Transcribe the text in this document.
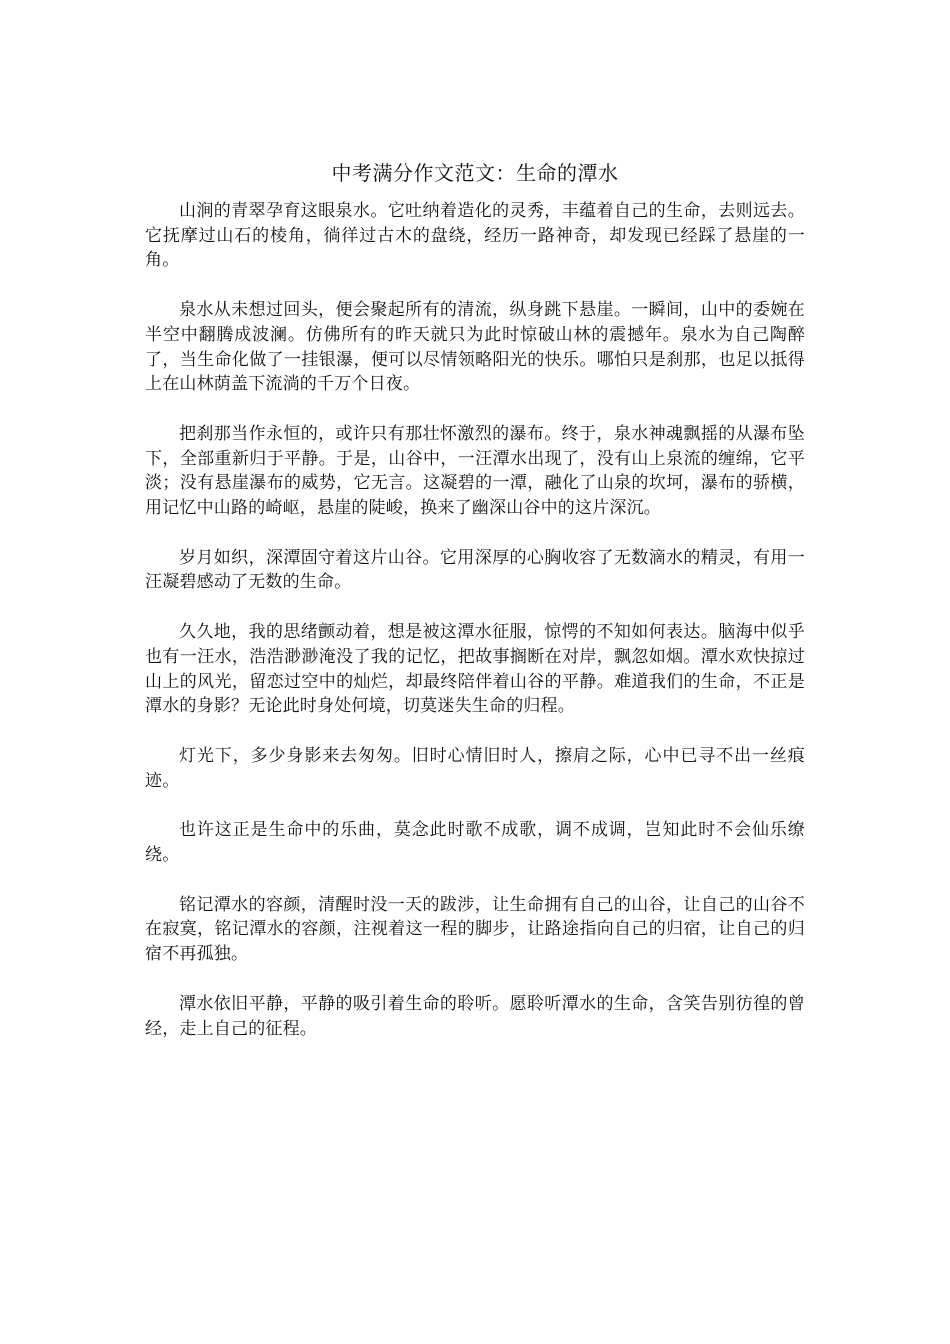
中考满分作文范文：生命的潭水

山涧的青翠孕育这眼泉水。它吐纳着造化的灵秀，丰蕴着自己的生命，去则远去。它抚摩过山石的棱角，徜徉过古木的盘绕，经历一路神奇，却发现已经踩了悬崖的一角。

泉水从未想过回头，便会聚起所有的清流，纵身跳下悬崖。一瞬间，山中的委婉在半空中翻腾成波澜。仿佛所有的昨天就只为此时惊破山林的震撼年。泉水为自己陶醉了，当生命化做了一挂银瀑，便可以尽情领略阳光的快乐。哪怕只是刹那，也足以抵得上在山林荫盖下流淌的千万个日夜。

把刹那当作永恒的，或许只有那壮怀激烈的瀑布。终于，泉水神魂飘摇的从瀑布坠下，全部重新归于平静。于是，山谷中，一汪潭水出现了，没有山上泉流的缠绵，它平淡；没有悬崖瀑布的威势，它无言。这凝碧的一潭，融化了山泉的坎坷，瀑布的骄横，用记忆中山路的崎岖，悬崖的陡峻，换来了幽深山谷中的这片深沉。

岁月如织，深潭固守着这片山谷。它用深厚的心胸收容了无数滴水的精灵，有用一汪凝碧感动了无数的生命。

久久地，我的思绪颤动着，想是被这潭水征服，惊愕的不知如何表达。脑海中似乎也有一汪水，浩浩渺渺淹没了我的记忆，把故事搁断在对岸，飘忽如烟。潭水欢快掠过山上的风光，留恋过空中的灿烂，却最终陪伴着山谷的平静。难道我们的生命，不正是潭水的身影？无论此时身处何境，切莫迷失生命的归程。

灯光下，多少身影来去匆匆。旧时心情旧时人，擦肩之际，心中已寻不出一丝痕迹。

也许这正是生命中的乐曲，莫念此时歌不成歌，调不成调，岂知此时不会仙乐缭绕。

铭记潭水的容颜，清醒时没一天的跋涉，让生命拥有自己的山谷，让自己的山谷不在寂寞，铭记潭水的容颜，注视着这一程的脚步，让路途指向自己的归宿，让自己的归宿不再孤独。

潭水依旧平静，平静的吸引着生命的聆听。愿聆听潭水的生命，含笑告别彷徨的曾经，走上自己的征程。
